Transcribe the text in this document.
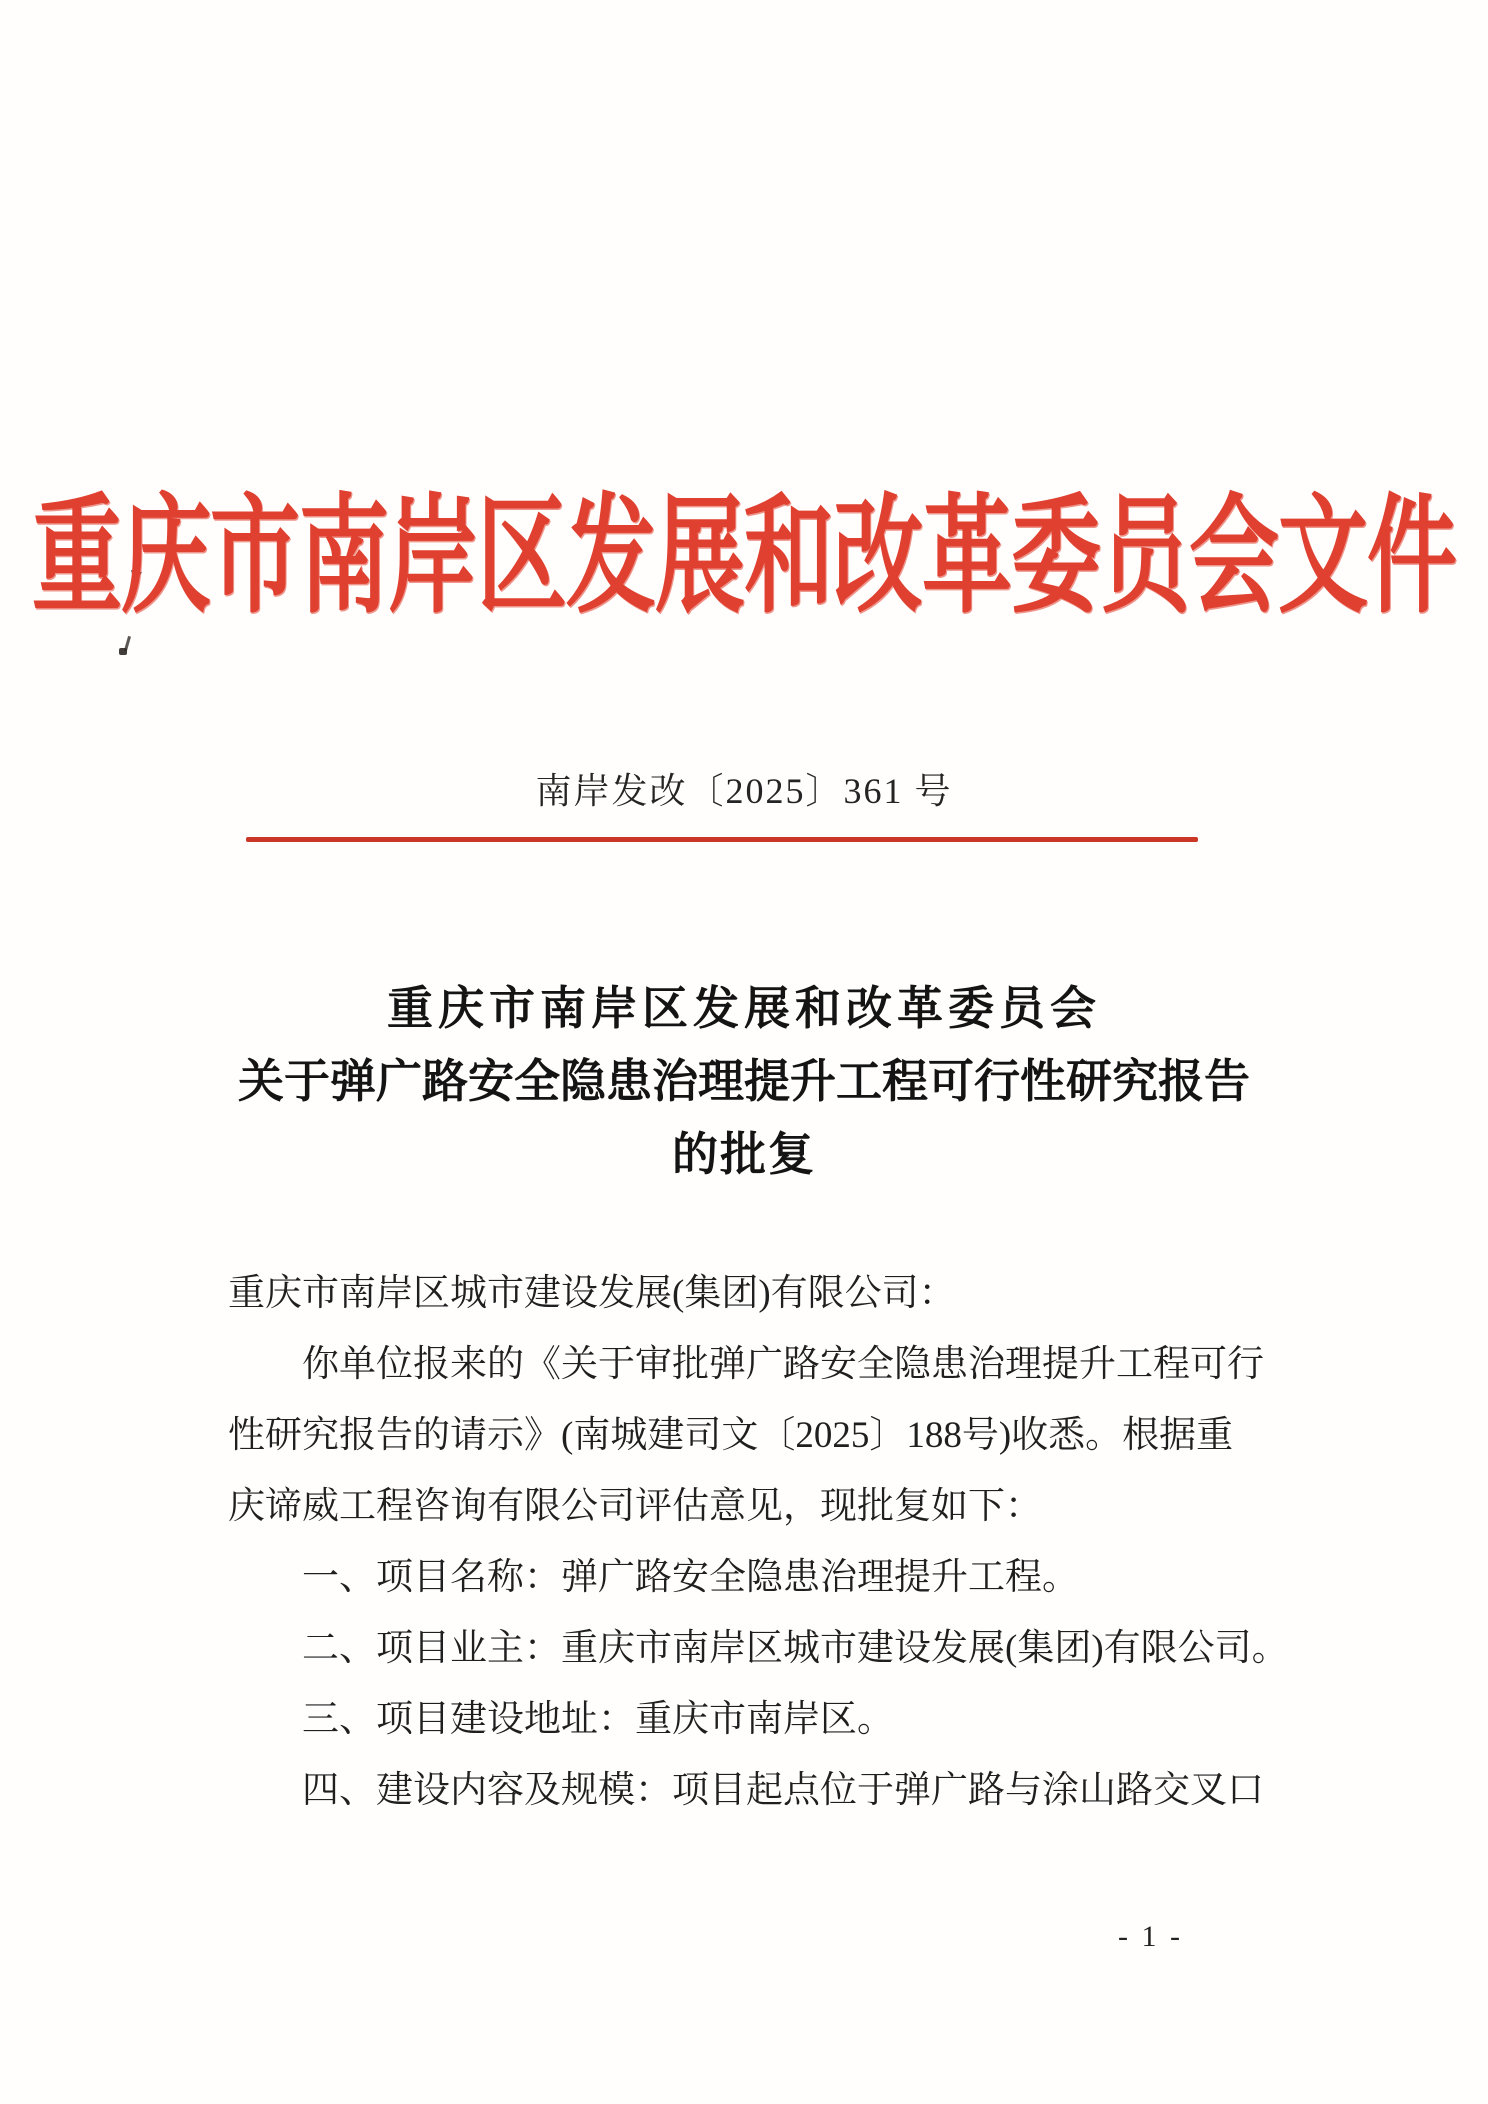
重庆市南岸区发展和改革委员会文件
南岸发改〔2025〕361 号
重庆市南岸区发展和改革委员会
关于弹广路安全隐患治理提升工程可行性研究报告
的批复
重庆市南岸区城市建设发展(集团)有限公司：
你单位报来的《关于审批弹广路安全隐患治理提升工程可行
性研究报告的请示》(南城建司文〔2025〕188号)收悉。根据重
庆谛威工程咨询有限公司评估意见，现批复如下：
一、项目名称：弹广路安全隐患治理提升工程。
二、项目业主：重庆市南岸区城市建设发展(集团)有限公司。
三、项目建设地址：重庆市南岸区。
四、建设内容及规模：项目起点位于弹广路与涂山路交叉口
- 1 -
